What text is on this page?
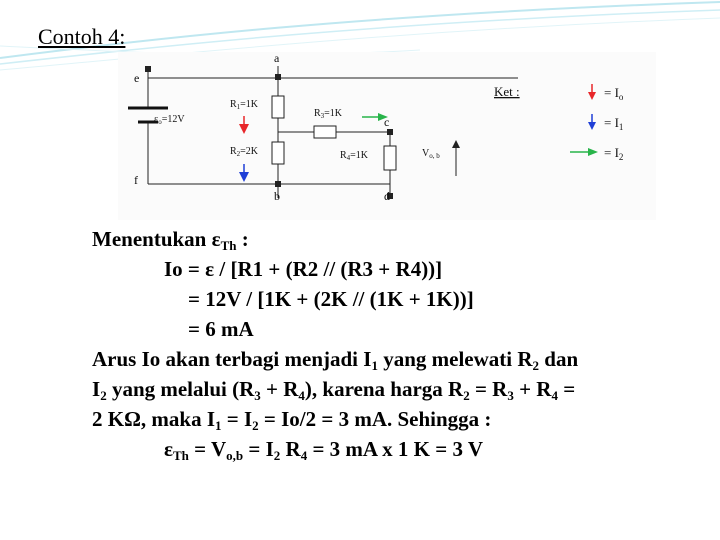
Contoh 4:
a
b
c
d
e
f
$\varepsilon_o=12V$
$R_1=1K$
$R_2=2K$
$R_3=1K$
$R_4=1K$	$V_{o, b}$
Ket :	= $I_o$
= $I_1$
= $I_2$

Menentukan $\varepsilon_{Th}$ :

Io = ε / [R1 + (R2 // (R3 + R4))]

= 12V / [1K + (2K // (1K + 1K))]

= 6 mA

Arus Io akan terbagi menjadi $I_1$ yang melewati $R_2$ dan

$I_2$ yang melalui $(R_3 + R_4)$, karena harga $R_2 = R_3 + R_4$ =

2 KΩ, maka $I_1 = I_2 = Io/2 = 3$ mA. Sehingga :

$\varepsilon_{Th} = V_{o,b} = I_2$ $R_4 = 3$ mA x 1 K = 3 V
